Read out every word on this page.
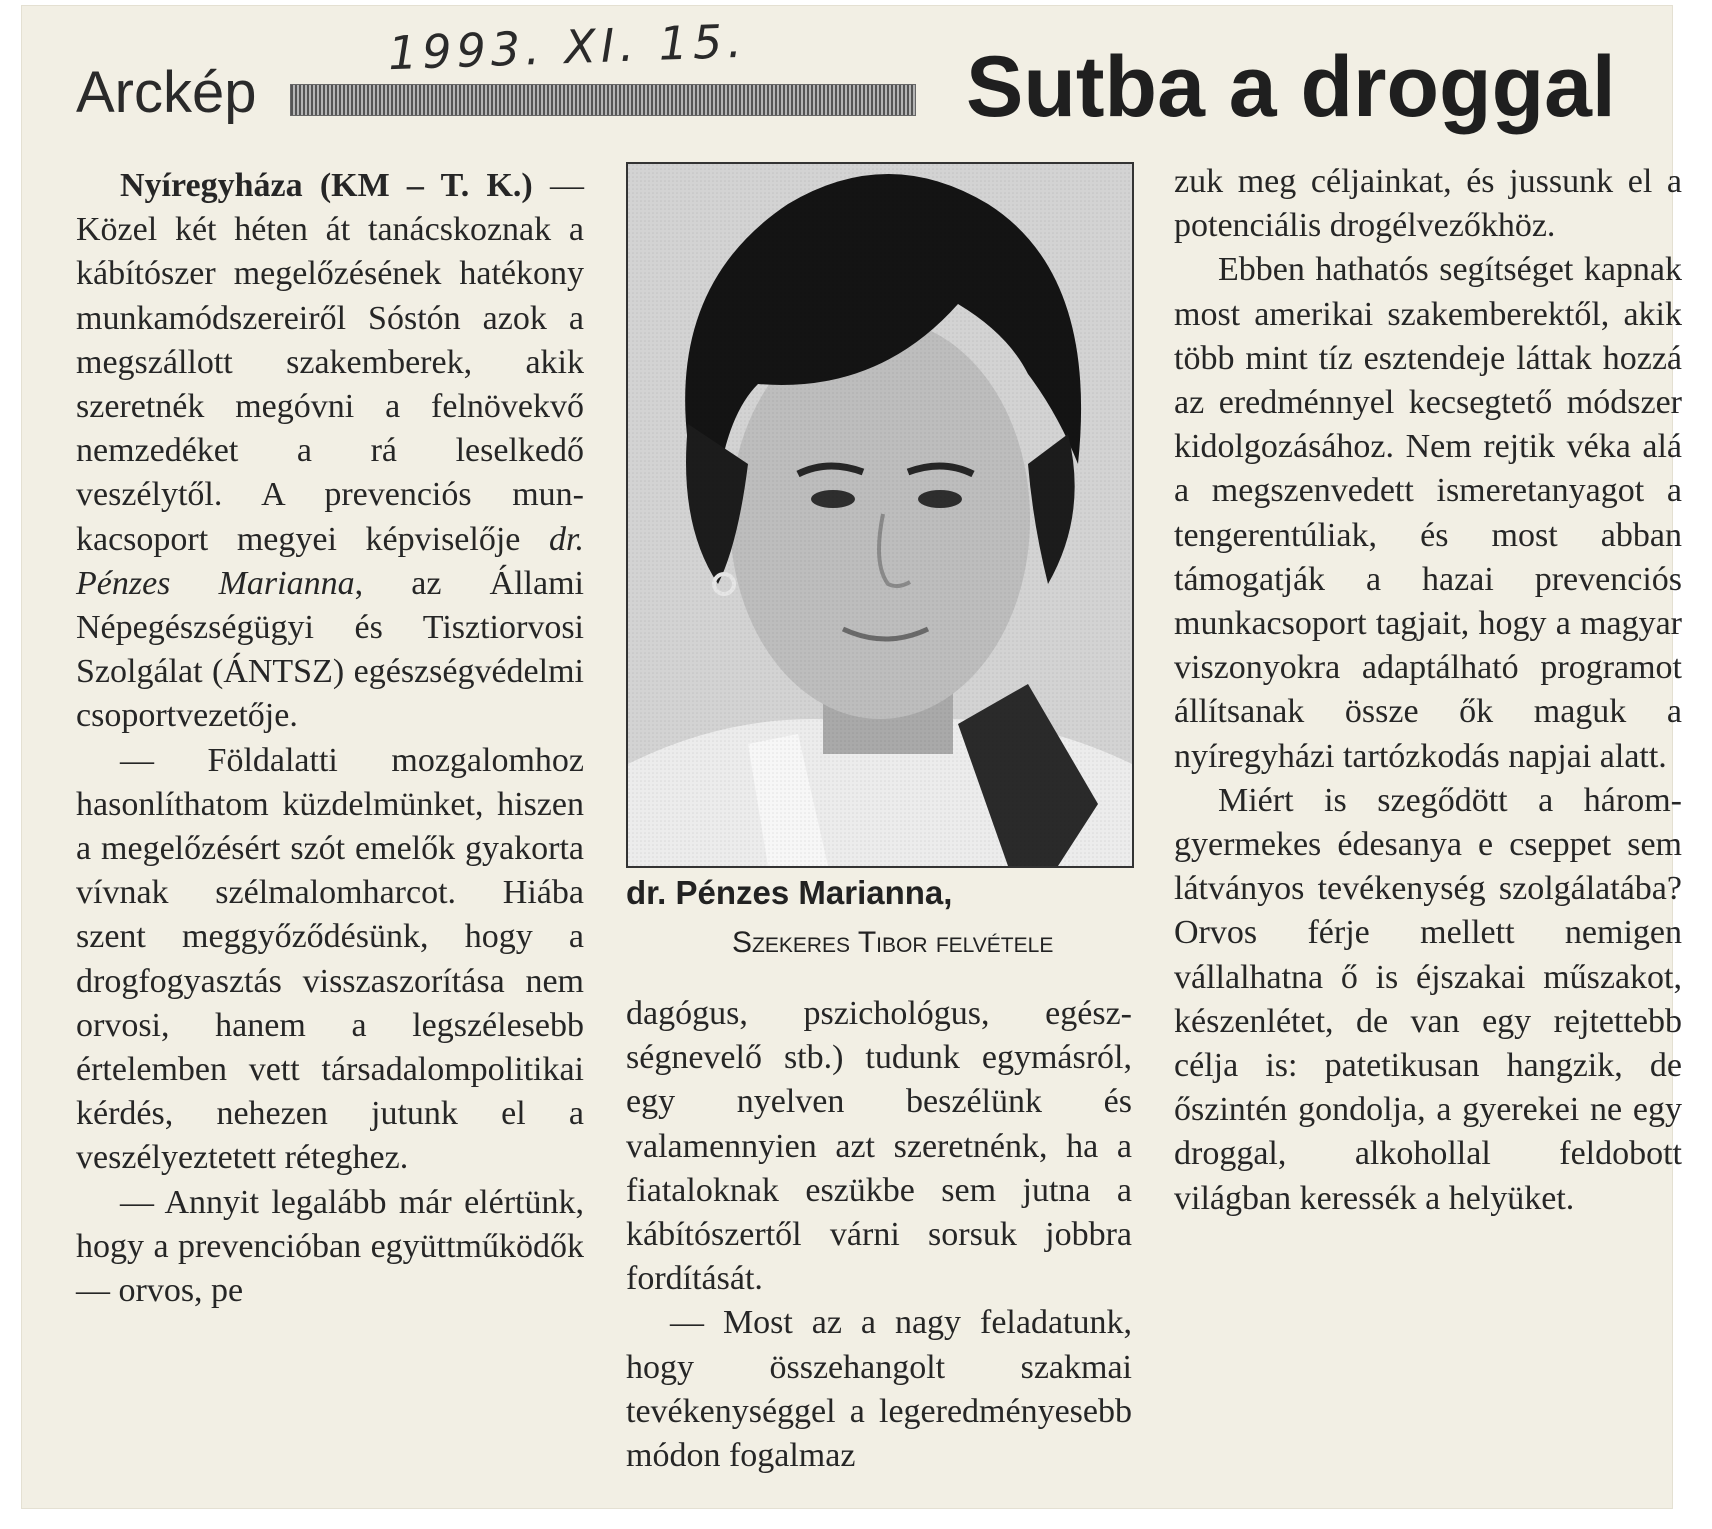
1993. XI. 15.
Arckép	Sutba a droggal

Nyíregyháza (KM – T. K.) — Közel két héten át tanácskoznak a kábítószer megelőzésének hatékony munkamódszereiről Sóstón azok a megszállott szakemberek, akik szeretnék megóvni a felnövekvő nemzedéket a rá leselkedő veszélytől. A prevenciós munkacsoport megyei képviselője dr. Pénzes Marianna, az Állami Népegészségügyi és Tisztiorvosi Szolgálat (ÁNTSZ) egészségvédelmi csoportvezetője.

— Földalatti mozgalomhoz hasonlíthatom küzdelmünket, hiszen a megelőzésért szót emelők gyakorta vívnak szélmalomharcot. Hiába szent meggyőződésünk, hogy a drogfogyasztás visszaszorítása nem orvosi, hanem a legszélesebb értelemben vett társadalompolitikai kérdés, nehezen jutunk el a veszélyeztetett réteghez.

— Annyit legalább már elértünk, hogy a prevencióban együttműködők — orvos, pe

dr. Pénzes Marianna,
Szekeres Tibor felvétele

dagógus, pszichológus, egészségnevelő stb.) tudunk egymásról, egy nyelven beszélünk és valamennyien azt szeretnénk, ha a fiataloknak eszükbe sem jutna a kábítószertől várni sorsuk jobbra fordítását.

— Most az a nagy feladatunk, hogy összehangolt szakmai tevékenységgel a legeredményesebb módon fogalmaz

zuk meg céljainkat, és jussunk el a potenciális drogélvezőkhöz.

Ebben hathatós segítséget kapnak most amerikai szakemberektől, akik több mint tíz esztendeje láttak hozzá az eredménnyel kecsegtető módszer kidolgozásához. Nem rejtik véka alá a megszenvedett ismeretanyagot a tengerentúliak, és most abban támogatják a hazai prevenciós munkacsoport tagjait, hogy a magyar viszonyokra adaptálható programot állítsanak össze ők maguk a nyíregyházi tartózkodás napjai alatt.

Miért is szegődött a háromgyermekes édesanya e cseppet sem látványos tevékenység szolgálatába? Orvos férje mellett nemigen vállalhatna ő is éjszakai műszakot, készenlétet, de van egy rejtettebb célja is: patetikusan hangzik, de őszintén gondolja, a gyerekei ne egy droggal, alkohollal feldobott világban keressék a helyüket.
